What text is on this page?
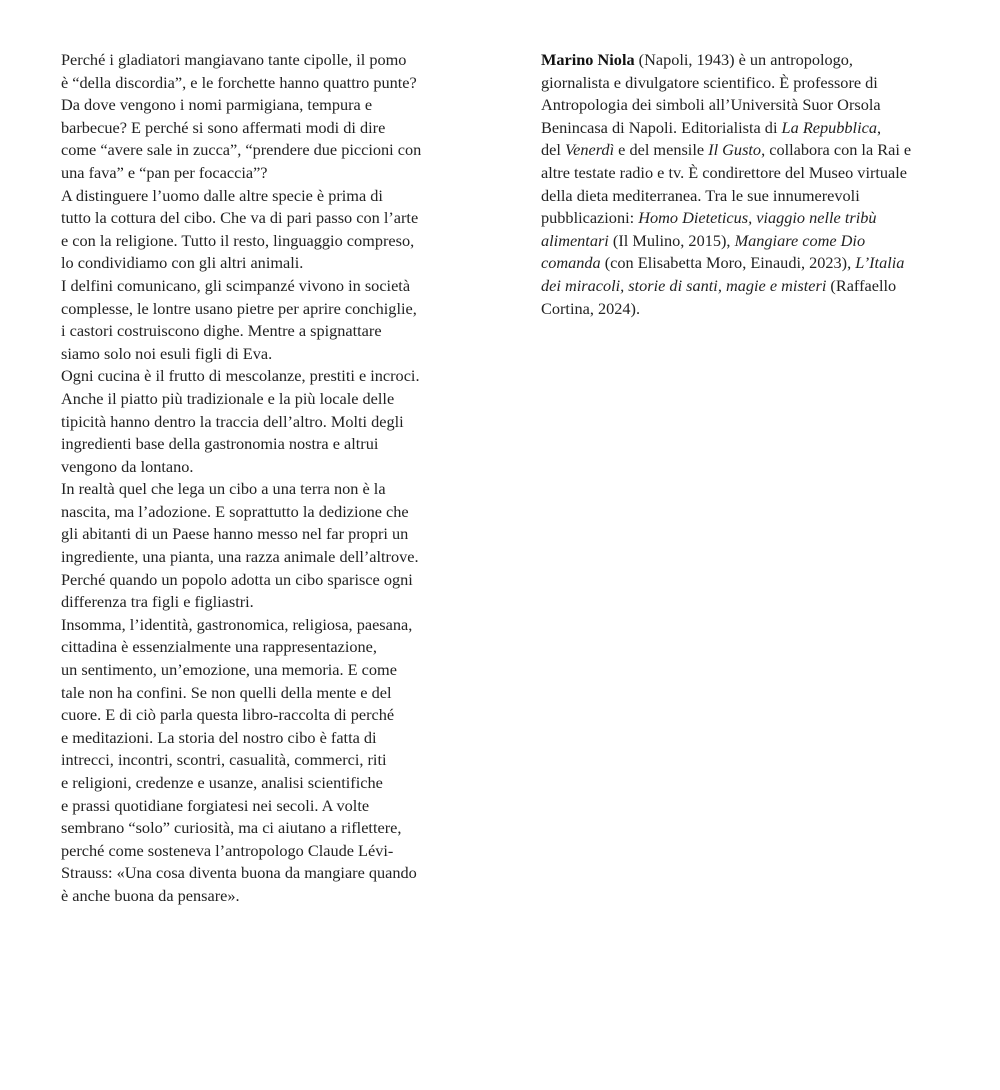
Perché i gladiatori mangiavano tante cipolle, il pomo
è “della discordia”, e le forchette hanno quattro punte?
Da dove vengono i nomi parmigiana, tempura e
barbecue? E perché si sono affermati modi di dire
come “avere sale in zucca”, “prendere due piccioni con
una fava” e “pan per focaccia”?

A distinguere l’uomo dalle altre specie è prima di
tutto la cottura del cibo. Che va di pari passo con l’arte
e con la religione. Tutto il resto, linguaggio compreso,
lo condividiamo con gli altri animali.

I delfini comunicano, gli scimpanzé vivono in società
complesse, le lontre usano pietre per aprire conchiglie,
i castori costruiscono dighe. Mentre a spignattare
siamo solo noi esuli figli di Eva.

Ogni cucina è il frutto di mescolanze, prestiti e incroci.
Anche il piatto più tradizionale e la più locale delle
tipicità hanno dentro la traccia dell’altro. Molti degli
ingredienti base della gastronomia nostra e altrui
vengono da lontano.

In realtà quel che lega un cibo a una terra non è la
nascita, ma l’adozione. E soprattutto la dedizione che
gli abitanti di un Paese hanno messo nel far propri un
ingrediente, una pianta, una razza animale dell’altrove.
Perché quando un popolo adotta un cibo sparisce ogni
differenza tra figli e figliastri.

Insomma, l’identità, gastronomica, religiosa, paesana,
cittadina è essenzialmente una rappresentazione,
un sentimento, un’emozione, una memoria. E come
tale non ha confini. Se non quelli della mente e del
cuore. E di ciò parla questa libro-raccolta di perché
e meditazioni. La storia del nostro cibo è fatta di
intrecci, incontri, scontri, casualità, commerci, riti
e religioni, credenze e usanze, analisi scientifiche
e prassi quotidiane forgiatesi nei secoli. A volte
sembrano “solo” curiosità, ma ci aiutano a riflettere,
perché come sosteneva l’antropologo Claude Lévi-
Strauss: «Una cosa diventa buona da mangiare quando
è anche buona da pensare».

Marino Niola (Napoli, 1943) è un antropologo,
giornalista e divulgatore scientifico. È professore di
Antropologia dei simboli all’Università Suor Orsola
Benincasa di Napoli. Editorialista di La Repubblica,
del Venerdì e del mensile Il Gusto, collabora con la Rai e
altre testate radio e tv. È condirettore del Museo virtuale
della dieta mediterranea. Tra le sue innumerevoli
pubblicazioni: Homo Dieteticus, viaggio nelle tribù
alimentari (Il Mulino, 2015), Mangiare come Dio
comanda (con Elisabetta Moro, Einaudi, 2023), L’Italia
dei miracoli, storie di santi, magie e misteri (Raffaello
Cortina, 2024).
